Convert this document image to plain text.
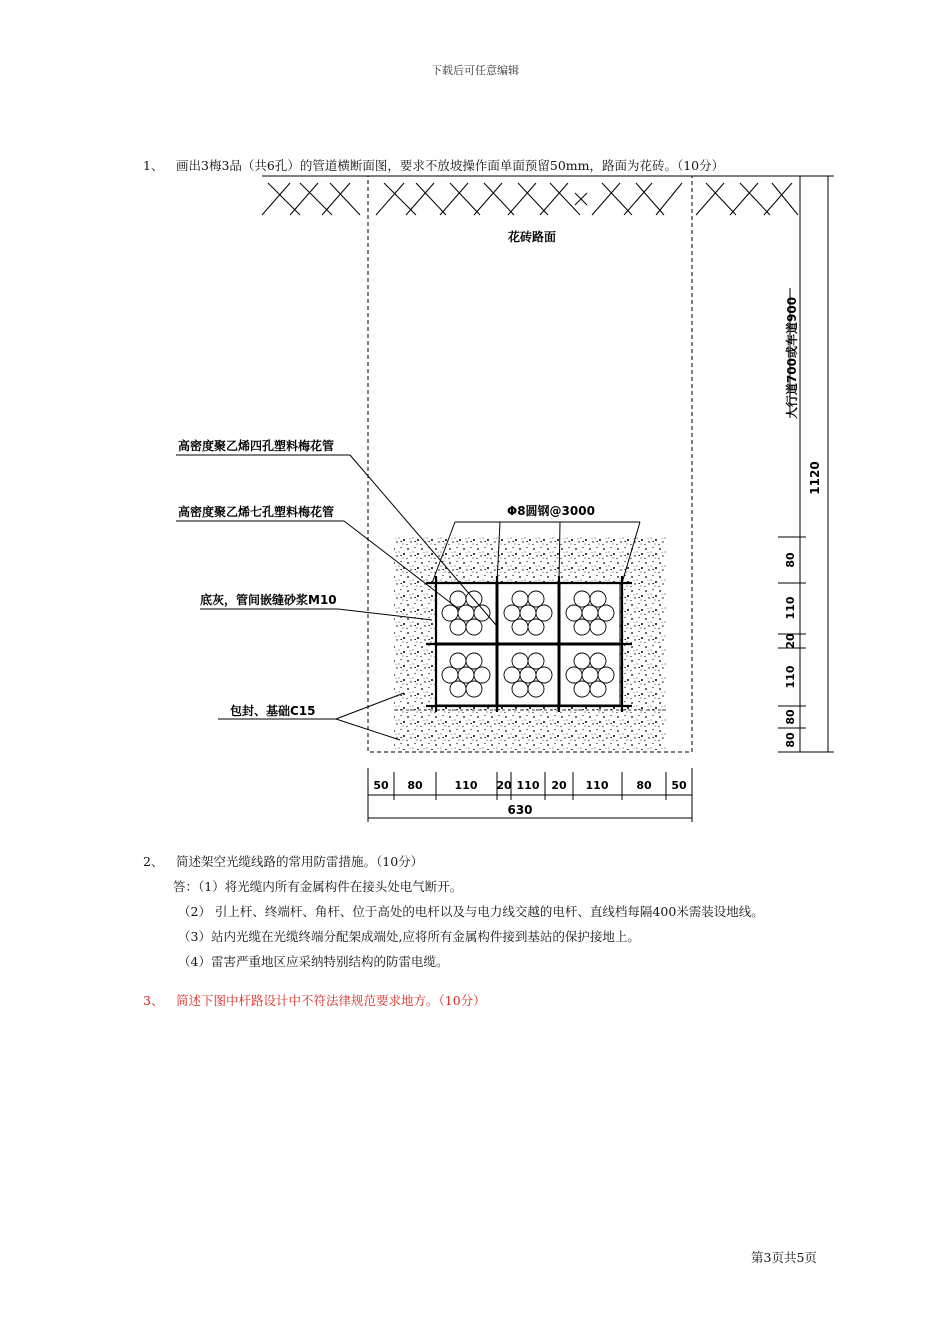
下载后可任意编辑
1、 画出3梅3品（共6孔）的管道横断面图，要求不放坡操作面单面预留50mm，路面为花砖。（10分）
花砖路面
高密度聚乙烯四孔塑料梅花管
高密度聚乙烯七孔塑料梅花管	Φ8圆钢@3000
底灰，管间嵌缝砂浆M10
包封、基础C15
50 80	110 20 110 20 110	80 50
630
80
110
20
110
80
80
1120
人行道700或车道900
2、 简述架空光缆线路的常用防雷措施。（10分）
答：（1）将光缆内所有金属构件在接头处电气断开。
（2） 引上杆、终端杆、角杆、位于高处的电杆以及与电力线交越的电杆、直线档每隔400米需装设地线。
（3）站内光缆在光缆终端分配架成端处,应将所有金属构件接到基站的保护接地上。
（4）雷害严重地区应采纳特别结构的防雷电缆。
3、 简述下图中杆路设计中不符法律规范要求地方。（10分）
第3页共5页
